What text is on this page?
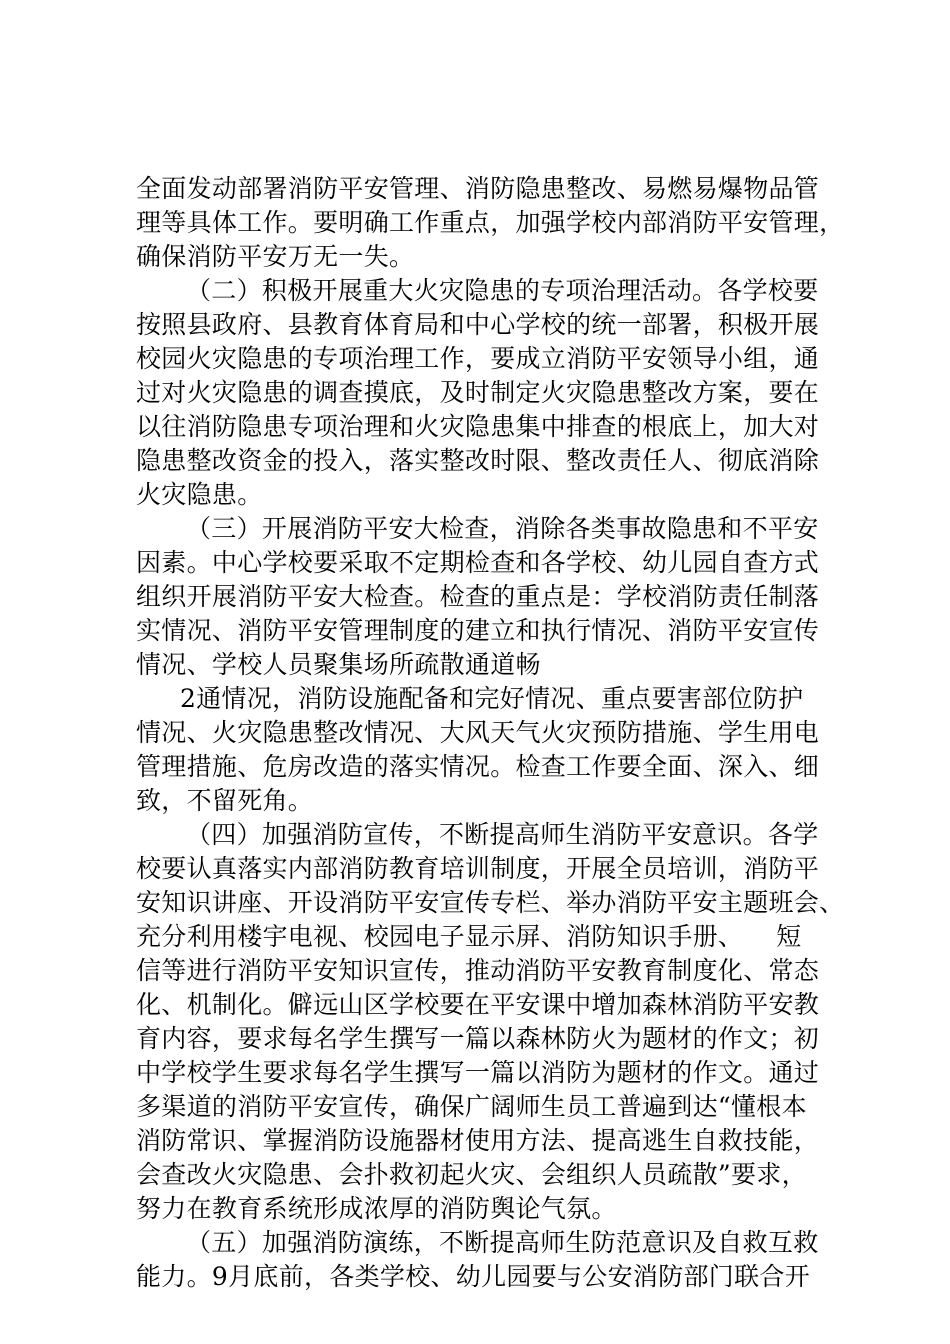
全面发动部署消防平安管理、消防隐患整改、易燃易爆物品管
理等具体工作。要明确工作重点，加强学校内部消防平安管理，
确保消防平安万无一失。
（二）积极开展重大火灾隐患的专项治理活动。各学校要
按照县政府、县教育体育局和中心学校的统一部署，积极开展
校园火灾隐患的专项治理工作，要成立消防平安领导小组，通
过对火灾隐患的调查摸底，及时制定火灾隐患整改方案，要在
以往消防隐患专项治理和火灾隐患集中排查的根底上，加大对
隐患整改资金的投入，落实整改时限、整改责任人、彻底消除
火灾隐患。
（三）开展消防平安大检查，消除各类事故隐患和不平安
因素。中心学校要采取不定期检查和各学校、幼儿园自查方式
组织开展消防平安大检查。检查的重点是：学校消防责任制落
实情况、消防平安管理制度的建立和执行情况、消防平安宣传
情况、学校人员聚集场所疏散通道畅
2通情况，消防设施配备和完好情况、重点要害部位防护
情况、火灾隐患整改情况、大风天气火灾预防措施、学生用电
管理措施、危房改造的落实情况。检查工作要全面、深入、细
致，不留死角。
（四）加强消防宣传，不断提高师生消防平安意识。各学
校要认真落实内部消防教育培训制度，开展全员培训，消防平
安知识讲座、开设消防平安宣传专栏、举办消防平安主题班会、
充分利用楼宇电视、校园电子显示屏、消防知识手册、    短
信等进行消防平安知识宣传，推动消防平安教育制度化、常态
化、机制化。僻远山区学校要在平安课中增加森林消防平安教
育内容，要求每名学生撰写一篇以森林防火为题材的作文；初
中学校学生要求每名学生撰写一篇以消防为题材的作文。通过
多渠道的消防平安宣传，确保广阔师生员工普遍到达“懂根本
消防常识、掌握消防设施器材使用方法、提高逃生自救技能，
会查改火灾隐患、会扑救初起火灾、会组织人员疏散”要求，
努力在教育系统形成浓厚的消防舆论气氛。
（五）加强消防演练，不断提高师生防范意识及自救互救
能力。9月底前，各类学校、幼儿园要与公安消防部门联合开
